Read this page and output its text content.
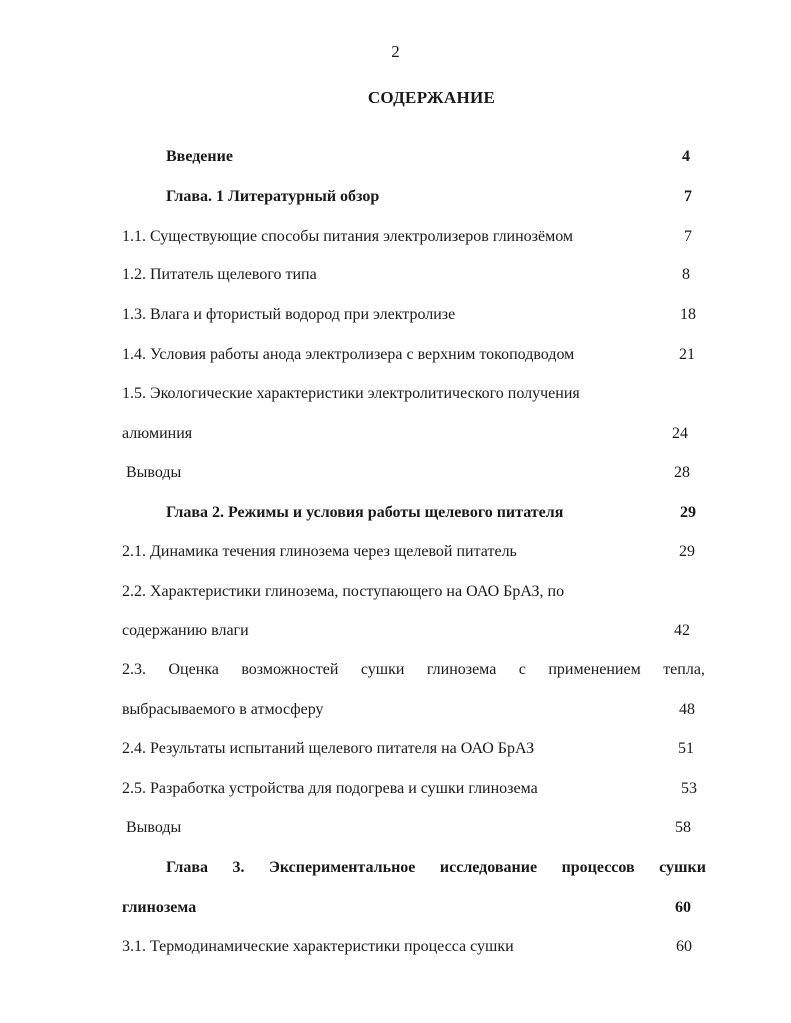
2
СОДЕРЖАНИЕ
Введение	4
Глава. 1 Литературный обзор	7
1.1. Существующие способы питания электролизеров глинозёмом	7
1.2. Питатель щелевого типа	8
1.3. Влага и фтористый водород при электролизе	18
1.4. Условия работы анода электролизера с верхним токоподводом	21
1.5. Экологические характеристики электролитического получения
алюминия	24
Выводы	28
Глава 2. Режимы и условия работы щелевого питателя	29
2.1. Динамика течения глинозема через щелевой питатель	29
2.2. Характеристики глинозема, поступающего на ОАО БрАЗ, по
содержанию влаги	42
2.3. Оценка возможностей сушки глинозема с применением тепла,
выбрасываемого в атмосферу	48
2.4. Результаты испытаний щелевого питателя на ОАО БрАЗ	51
2.5. Разработка устройства для подогрева и сушки глинозема	53
Выводы	58
Глава 3. Экспериментальное исследование процессов сушки
глинозема	60
3.1. Термодинамические характеристики процесса сушки	60
